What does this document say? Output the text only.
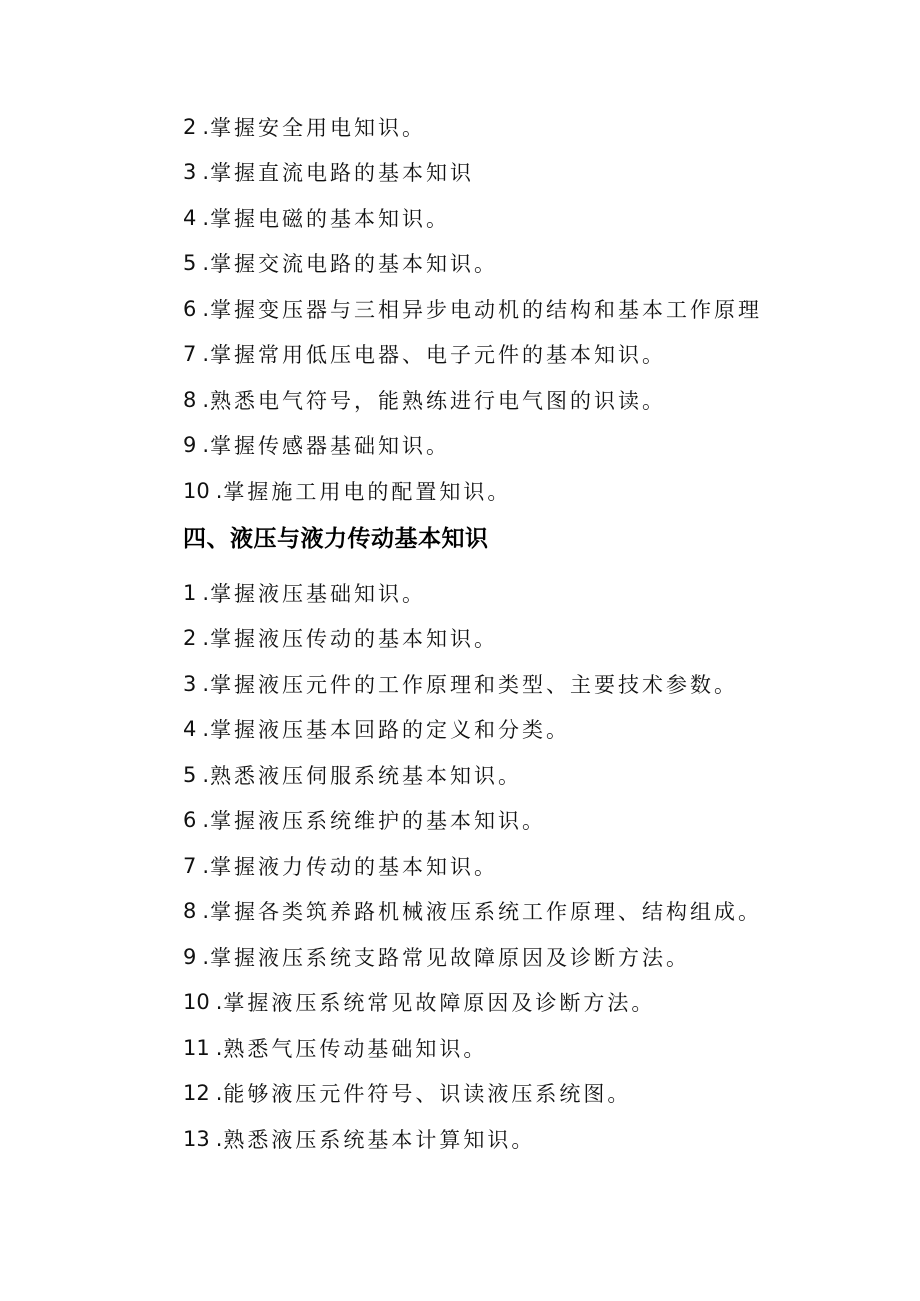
2 . 掌握安全用电知识。
3 . 掌握直流电路的基本知识
4 . 掌握电磁的基本知识。
5 . 掌握交流电路的基本知识。
6 . 掌握变压器与三相异步电动机的结构和基本工作原理
7 . 掌握常用低压电器、电子元件的基本知识。
8 . 熟悉电气符号，能熟练进行电气图的识读。
9 . 掌握传感器基础知识。
10 . 掌握施工用电的配置知识。
四、液压与液力传动基本知识
1 . 掌握液压基础知识。
2 . 掌握液压传动的基本知识。
3 . 掌握液压元件的工作原理和类型、主要技术参数。
4 . 掌握液压基本回路的定义和分类。
5 . 熟悉液压伺服系统基本知识。
6 . 掌握液压系统维护的基本知识。
7 . 掌握液力传动的基本知识。
8 . 掌握各类筑养路机械液压系统工作原理、结构组成。
9 . 掌握液压系统支路常见故障原因及诊断方法。
10 . 掌握液压系统常见故障原因及诊断方法。
11 . 熟悉气压传动基础知识。
12 . 能够液压元件符号、识读液压系统图。
13 . 熟悉液压系统基本计算知识。
